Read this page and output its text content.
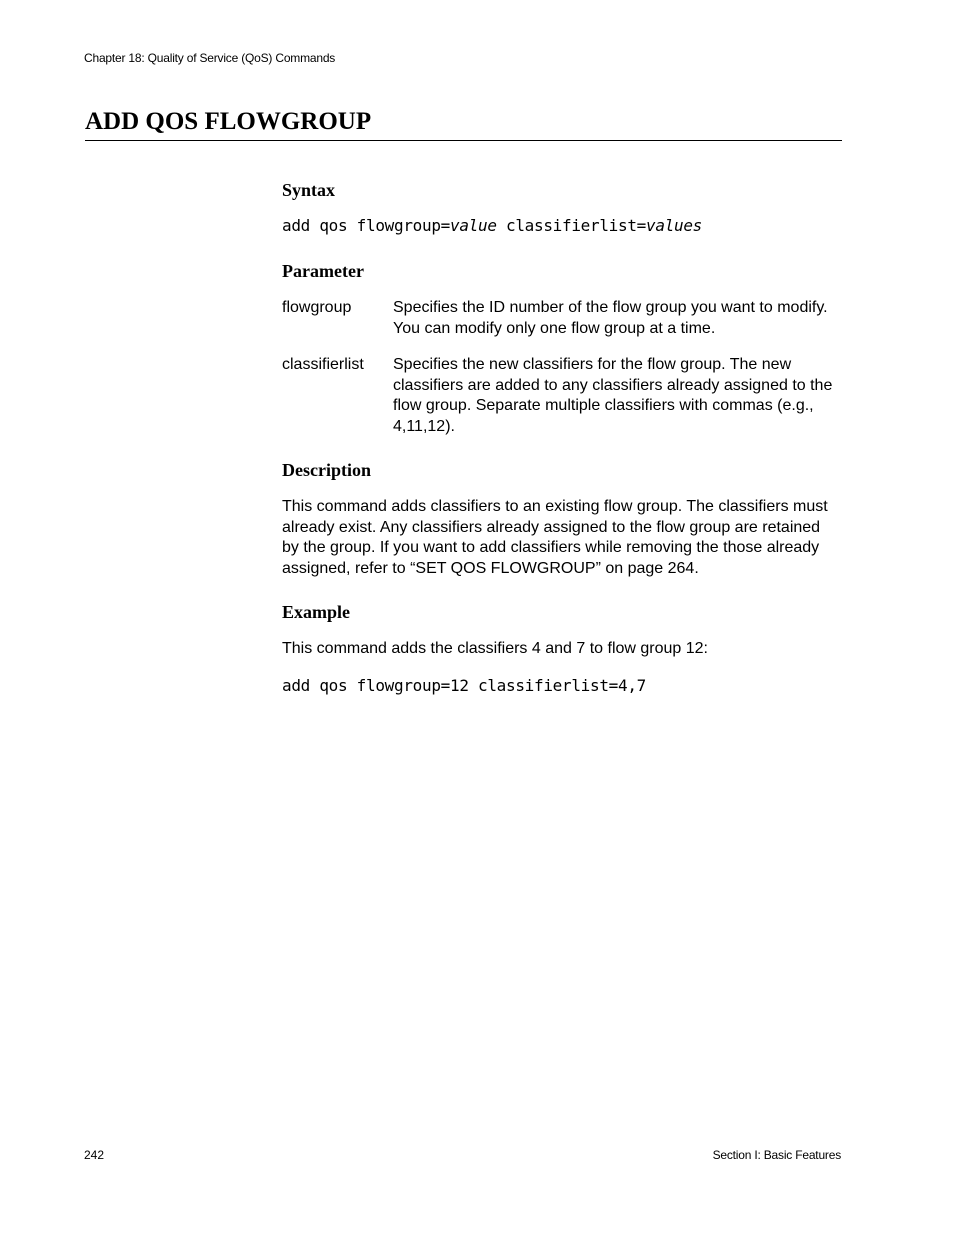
Chapter 18: Quality of Service (QoS) Commands
ADD QOS FLOWGROUP
Syntax

add qos flowgroup=value classifierlist=values

Parameter
flowgroup	Specifies the ID number of the flow group you want to modify. You can modify only one flow group at a time.
classifierlist Specifies the new classifiers for the flow group. The new classifiers are added to any classifiers already assigned to the flow group. Separate multiple classifiers with commas (e.g., 4,11,12).
Description

This command adds classifiers to an existing flow group. The classifiers must already exist. Any classifiers already assigned to the flow group are retained by the group. If you want to add classifiers while removing the those already assigned, refer to “SET QOS FLOWGROUP” on page 264.

Example

This command adds the classifiers 4 and 7 to flow group 12:

add qos flowgroup=12 classifierlist=4,7

242	Section I: Basic Features
